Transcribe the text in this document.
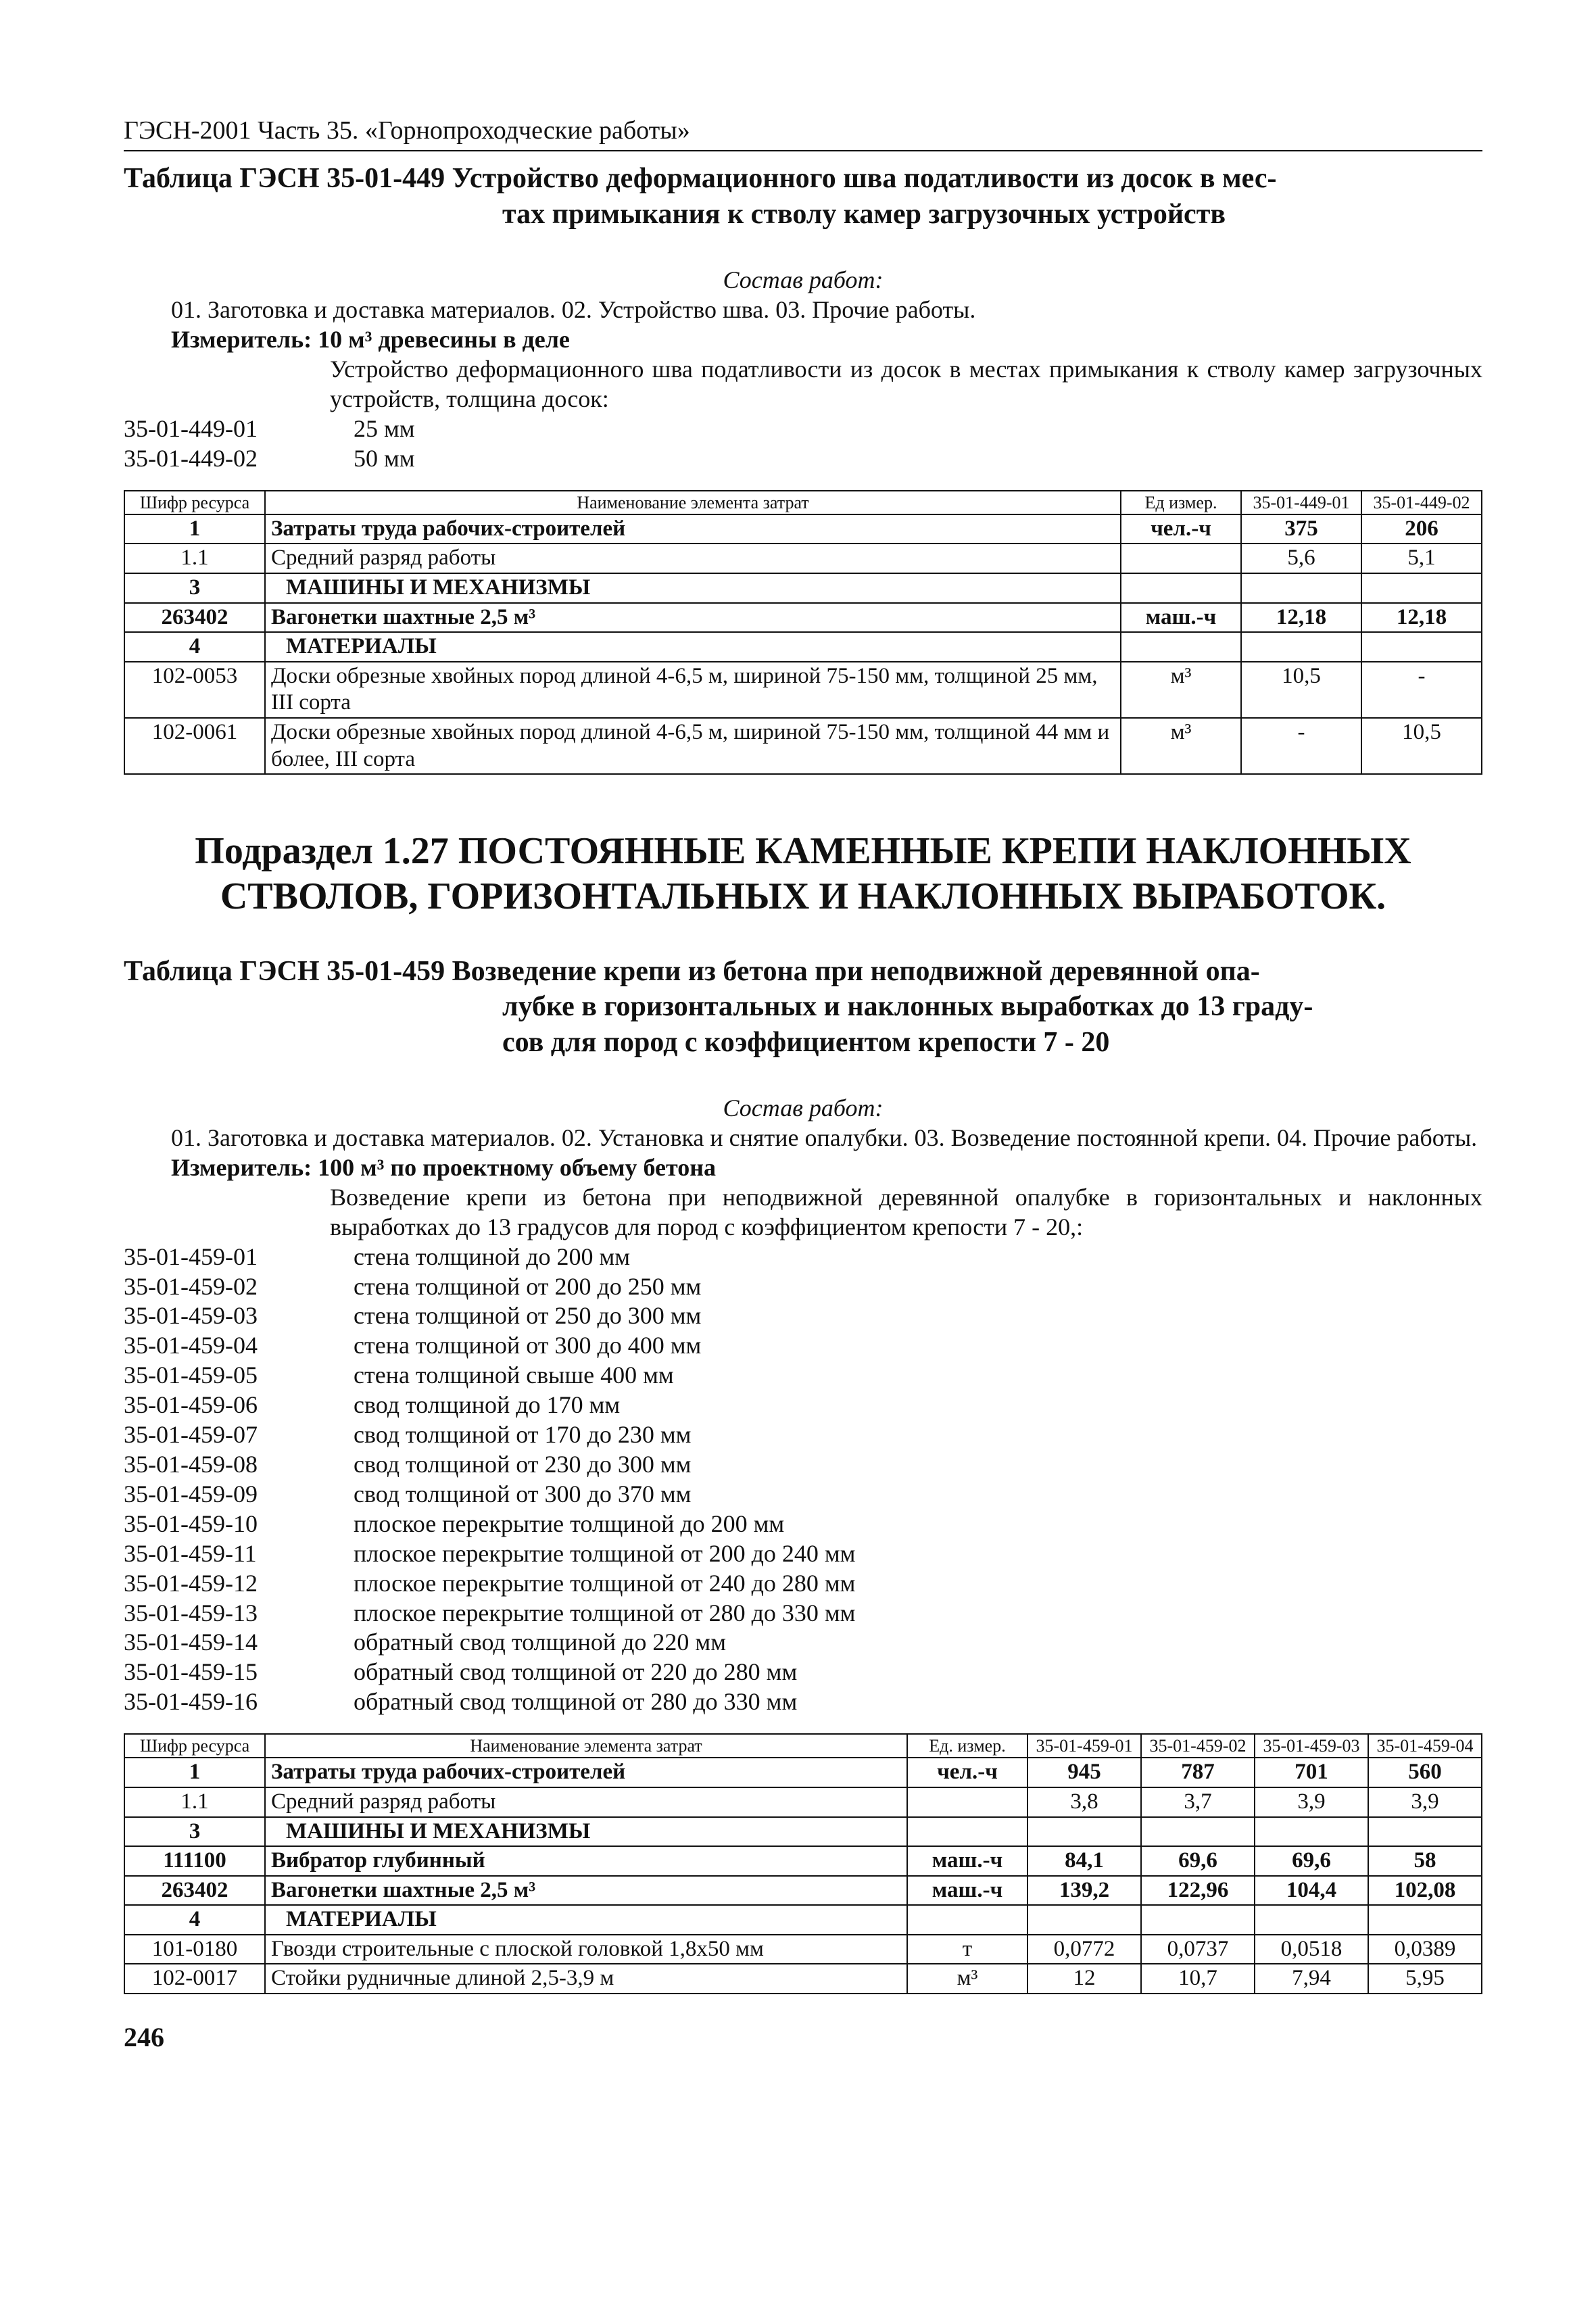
ГЭСН-2001 Часть 35. «Горнопроходческие работы»
Таблица ГЭСН 35-01-449 Устройство деформационного шва податливости из досок в мес-
тах примыкания к стволу камер загрузочных устройств
Состав работ:
01. Заготовка и доставка материалов. 02. Устройство шва. 03. Прочие работы.
Измеритель: 10 м³ древесины в деле
Устройство деформационного шва податливости из досок в местах примыкания к стволу камер загрузочных устройств, толщина досок:
35-01-449-01	25 мм
35-01-449-02	50 мм
Шифр ресурса	Наименование элемента затрат	Ед измер.	35-01-449-01	35-01-449-02
1	Затраты труда рабочих-строителей	чел.-ч	375	206
1.1	Средний разряд работы		5,6	5,1
3	МАШИНЫ И МЕХАНИЗМЫ			
263402	Вагонетки шахтные 2,5 м³	маш.-ч	12,18	12,18
4	МАТЕРИАЛЫ			
102-0053	Доски обрезные хвойных пород длиной 4-6,5 м, шириной 75-150 мм, толщиной 25 мм, III сорта	м³	10,5	-
102-0061	Доски обрезные хвойных пород длиной 4-6,5 м, шириной 75-150 мм, толщиной 44 мм и более, III сорта	м³	-	10,5
Подраздел 1.27 ПОСТОЯННЫЕ КАМЕННЫЕ КРЕПИ НАКЛОННЫХ СТВОЛОВ, ГОРИЗОНТАЛЬНЫХ И НАКЛОННЫХ ВЫРАБОТОК.
Таблица ГЭСН 35-01-459 Возведение крепи из бетона при неподвижной деревянной опа-
лубке в горизонтальных и наклонных выработках до 13 граду-
сов для пород с коэффициентом крепости 7 - 20
Состав работ:
01. Заготовка и доставка материалов. 02. Установка и снятие опалубки. 03. Возведение постоянной крепи. 04. Прочие работы.
Измеритель: 100 м³ по проектному объему бетона
Возведение крепи из бетона при неподвижной деревянной опалубке в горизонтальных и наклонных выработках до 13 градусов для пород с коэффициентом крепости 7 - 20,:
35-01-459-01	стена толщиной до 200 мм
35-01-459-02	стена толщиной от 200 до 250 мм
35-01-459-03	стена толщиной от 250 до 300 мм
35-01-459-04	стена толщиной от 300 до 400 мм
35-01-459-05	стена толщиной свыше 400 мм
35-01-459-06	свод толщиной до 170 мм
35-01-459-07	свод толщиной от 170 до 230 мм
35-01-459-08	свод толщиной от 230 до 300 мм
35-01-459-09	свод толщиной от 300 до 370 мм
35-01-459-10	плоское перекрытие толщиной до 200 мм
35-01-459-11	плоское перекрытие толщиной от 200 до 240 мм
35-01-459-12	плоское перекрытие толщиной от 240 до 280 мм
35-01-459-13	плоское перекрытие толщиной от 280 до 330 мм
35-01-459-14	обратный свод толщиной до 220 мм
35-01-459-15	обратный свод толщиной от 220 до 280 мм
35-01-459-16	обратный свод толщиной от 280 до 330 мм
Шифр ресурса	Наименование элемента затрат	Ед. измер.	35-01-459-01	35-01-459-02	35-01-459-03	35-01-459-04
1	Затраты труда рабочих-строителей	чел.-ч	945	787	701	560
1.1	Средний разряд работы		3,8	3,7	3,9	3,9
3	МАШИНЫ И МЕХАНИЗМЫ					
111100	Вибратор глубинный	маш.-ч	84,1	69,6	69,6	58
263402	Вагонетки шахтные 2,5 м³	маш.-ч	139,2	122,96	104,4	102,08
4	МАТЕРИАЛЫ					
101-0180	Гвозди строительные с плоской головкой 1,8х50 мм	т	0,0772	0,0737	0,0518	0,0389
102-0017	Стойки рудничные длиной 2,5-3,9 м	м³	12	10,7	7,94	5,95
246
